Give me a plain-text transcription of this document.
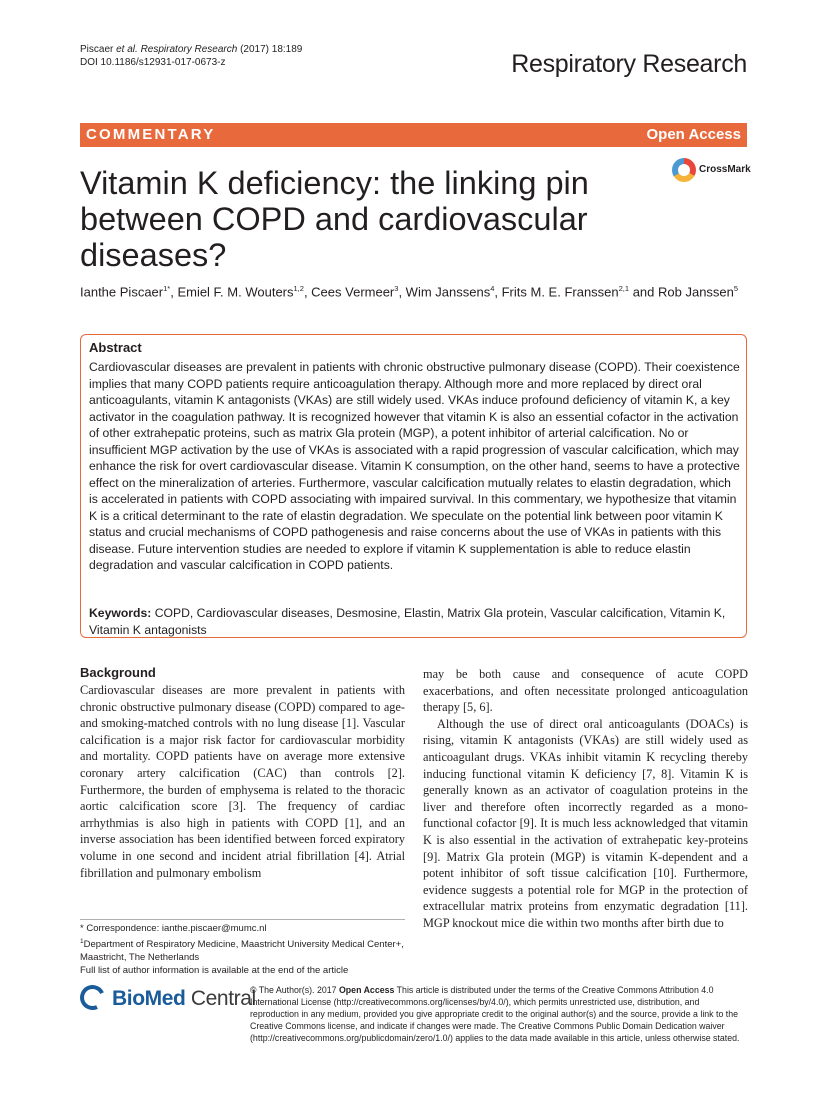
Piscaer et al. Respiratory Research (2017) 18:189
DOI 10.1186/s12931-017-0673-z	Respiratory Research
COMMENTARY	Open Access
Vitamin K deficiency: the linking pin between COPD and cardiovascular diseases?
CrossMark
Ianthe Piscaer$^{1*}$, Emiel F. M. Wouters$^{1,2}$, Cees Vermeer$^3$, Wim Janssens$^4$, Frits M. E. Franssen$^{2,1}$ and Rob Janssen$^5$
Abstract
Cardiovascular diseases are prevalent in patients with chronic obstructive pulmonary disease (COPD). Their coexistence implies that many COPD patients require anticoagulation therapy. Although more and more replaced by direct oral anticoagulants, vitamin K antagonists (VKAs) are still widely used. VKAs induce profound deficiency of vitamin K, a key activator in the coagulation pathway. It is recognized however that vitamin K is also an essential cofactor in the activation of other extrahepatic proteins, such as matrix Gla protein (MGP), a potent inhibitor of arterial calcification. No or insufficient MGP activation by the use of VKAs is associated with a rapid progression of vascular calcification, which may enhance the risk for overt cardiovascular disease. Vitamin K consumption, on the other hand, seems to have a protective effect on the mineralization of arteries. Furthermore, vascular calcification mutually relates to elastin degradation, which is accelerated in patients with COPD associating with impaired survival. In this commentary, we hypothesize that vitamin K is a critical determinant to the rate of elastin degradation. We speculate on the potential link between poor vitamin K status and crucial mechanisms of COPD pathogenesis and raise concerns about the use of VKAs in patients with this disease. Future intervention studies are needed to explore if vitamin K supplementation is able to reduce elastin degradation and vascular calcification in COPD patients.
Keywords: COPD, Cardiovascular diseases, Desmosine, Elastin, Matrix Gla protein, Vascular calcification, Vitamin K, Vitamin K antagonists
Background

Cardiovascular diseases are more prevalent in patients with chronic obstructive pulmonary disease (COPD) compared to age- and smoking-matched controls with no lung disease [1]. Vascular calcification is a major risk factor for cardiovascular morbidity and mortality. COPD patients have on average more extensive coronary artery calcification (CAC) than controls [2]. Furthermore, the burden of emphysema is related to the thoracic aortic calcification score [3]. The frequency of cardiac arrhythmias is also high in patients with COPD [1], and an inverse association has been identified between forced expiratory volume in one second and incident atrial fibrillation [4]. Atrial fibrillation and pulmonary embolism

may be both cause and consequence of acute COPD exacerbations, and often necessitate prolonged anticoagulation therapy [5, 6].

Although the use of direct oral anticoagulants (DOACs) is rising, vitamin K antagonists (VKAs) are still widely used as anticoagulant drugs. VKAs inhibit vitamin K recycling thereby inducing functional vitamin K deficiency [7, 8]. Vitamin K is generally known as an activator of coagulation proteins in the liver and therefore often incorrectly regarded as a mono-functional cofactor [9]. It is much less acknowledged that vitamin K is also essential in the activation of extrahepatic key-proteins [9]. Matrix Gla protein (MGP) is vitamin K-dependent and a potent inhibitor of soft tissue calcification [10]. Furthermore, evidence suggests a potential role for MGP in the protection of extracellular matrix proteins from enzymatic degradation [11]. MGP knockout mice die within two months after birth due to

* Correspondence: ianthe.piscaer@mumc.nl
$^1$Department of Respiratory Medicine, Maastricht University Medical Center+, Maastricht, The Netherlands
Full list of author information is available at the end of the article
BioMed Central
© The Author(s). 2017 Open Access This article is distributed under the terms of the Creative Commons Attribution 4.0 International License (http://creativecommons.org/licenses/by/4.0/), which permits unrestricted use, distribution, and reproduction in any medium, provided you give appropriate credit to the original author(s) and the source, provide a link to the Creative Commons license, and indicate if changes were made. The Creative Commons Public Domain Dedication waiver (http://creativecommons.org/publicdomain/zero/1.0/) applies to the data made available in this article, unless otherwise stated.
